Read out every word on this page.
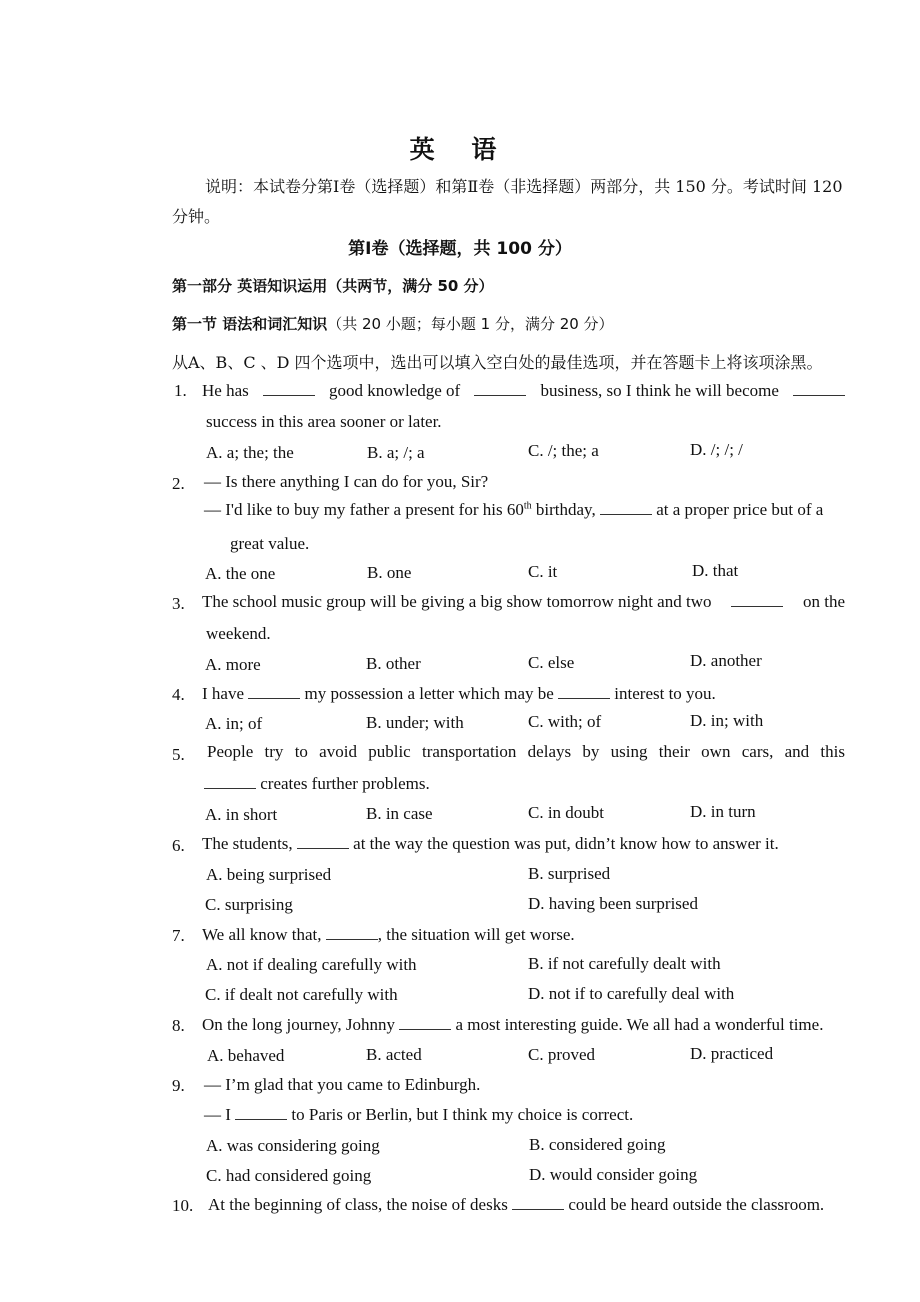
英 语
说明：本试卷分第Ⅰ卷（选择题）和第Ⅱ卷（非选择题）两部分，共 150 分。考试时间 120
分钟。
第Ⅰ卷（选择题，共 100 分）
第一部分 英语知识运用（共两节，满分 50 分）
第一节 语法和词汇知识（共 20 小题；每小题 1 分，满分 20 分）
从A、B、C 、D 四个选项中，选出可以填入空白处的最佳选项，并在答题卡上将该项涂黑。
1. He has	good knowledge of	business, so I think he will become
success in this area sooner or later.
A. a; the; the	B. a; /; a	C. /; the; a	D. /; /; /
2. — Is there anything I can do for you, Sir?
— I'd like to buy my father a present for his 60th birthday,	at a proper price but of a
great value.
A. the one	B. one	C. it	D. that
3. The school music group will be giving a big show tomorrow night and two	on the
weekend.
A. more	B. other	C. else	D. another
4. I have	my possession a letter which may be	interest to you.
A. in; of	B. under; with	C. with; of	D. in; with
5. People try to avoid public transportation delays by using their own cars, and this
creates further problems.
A. in short	B. in case	C. in doubt	D. in turn
6. The students,	at the way the question was put, didn’t know how to answer it.
A. being surprised	B. surprised
C. surprising	D. having been surprised
7. We all know that,	, the situation will get worse.
A. not if dealing carefully with	B. if not carefully dealt with
C. if dealt not carefully with	D. not if to carefully deal with
8. On the long journey, Johnny	a most interesting guide. We all had a wonderful time.
A. behaved	B. acted	C. proved	D. practiced
9. — I’m glad that you came to Edinburgh.
— I	to Paris or Berlin, but I think my choice is correct.
A. was considering going	B. considered going
C. had considered going	D. would consider going
10. At the beginning of class, the noise of desks	could be heard outside the classroom.
